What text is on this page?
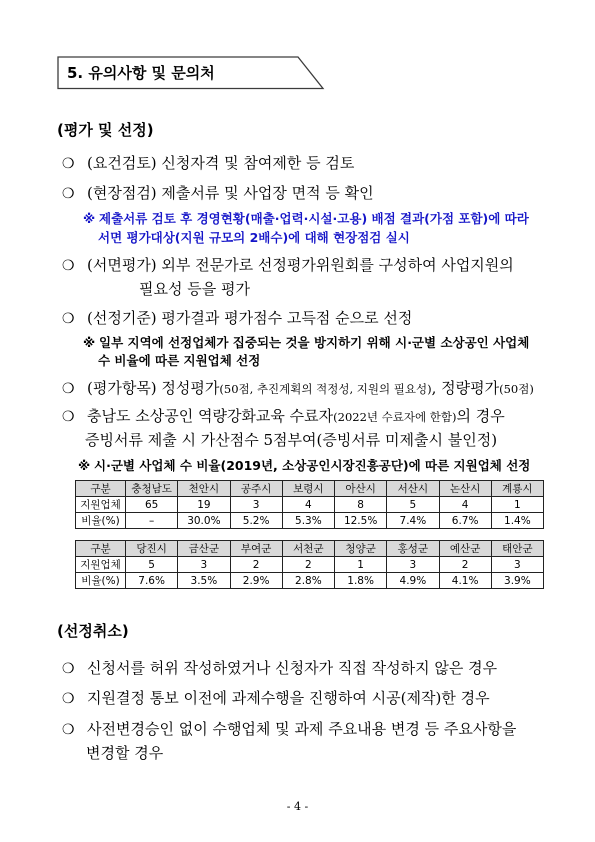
5. 유의사항 및 문의처
(평가 및 선정)
❍ (요건검토) 신청자격 및 참여제한 등 검토
❍ (현장점검) 제출서류 및 사업장 면적 등 확인
※ 제출서류 검토 후 경영현황(매출·업력·시설·고용) 배점 결과(가점 포함)에 따라
서면 평가대상(지원 규모의 2배수)에 대해 현장점검 실시
❍ (서면평가) 외부 전문가로 선정평가위원회를 구성하여 사업지원의
필요성 등을 평가
❍ (선정기준) 평가결과 평가점수 고득점 순으로 선정
※ 일부 지역에 선정업체가 집중되는 것을 방지하기 위해 시·군별 소상공인 사업체
수 비율에 따른 지원업체 선정
❍ (평가항목) 정성평가(50점, 추진계획의 적정성, 지원의 필요성), 정량평가(50점)
❍ 충남도 소상공인 역량강화교육 수료자(2022년 수료자에 한함)의 경우
증빙서류 제출 시 가산점수 5점부여(증빙서류 미제출시 불인정)
※ 시·군별 사업체 수 비율(2019년, 소상공인시장진흥공단)에 따른 지원업체 선정
구분	충청남도	천안시	공주시	보령시	아산시	서산시	논산시	계룡시
지원업체	65	19	3	4	8	5	4	1
비율(%)	–	30.0%	5.2%	5.3%	12.5%	7.4%	6.7%	1.4%
구분	당진시	금산군	부여군	서천군	청양군	홍성군	예산군	태안군
지원업체	5	3	2	2	1	3	2	3
비율(%)	7.6%	3.5%	2.9%	2.8%	1.8%	4.9%	4.1%	3.9%
(선정취소)
❍ 신청서를 허위 작성하였거나 신청자가 직접 작성하지 않은 경우
❍ 지원결정 통보 이전에 과제수행을 진행하여 시공(제작)한 경우
❍ 사전변경승인 없이 수행업체 및 과제 주요내용 변경 등 주요사항을
변경할 경우
- 4 -
